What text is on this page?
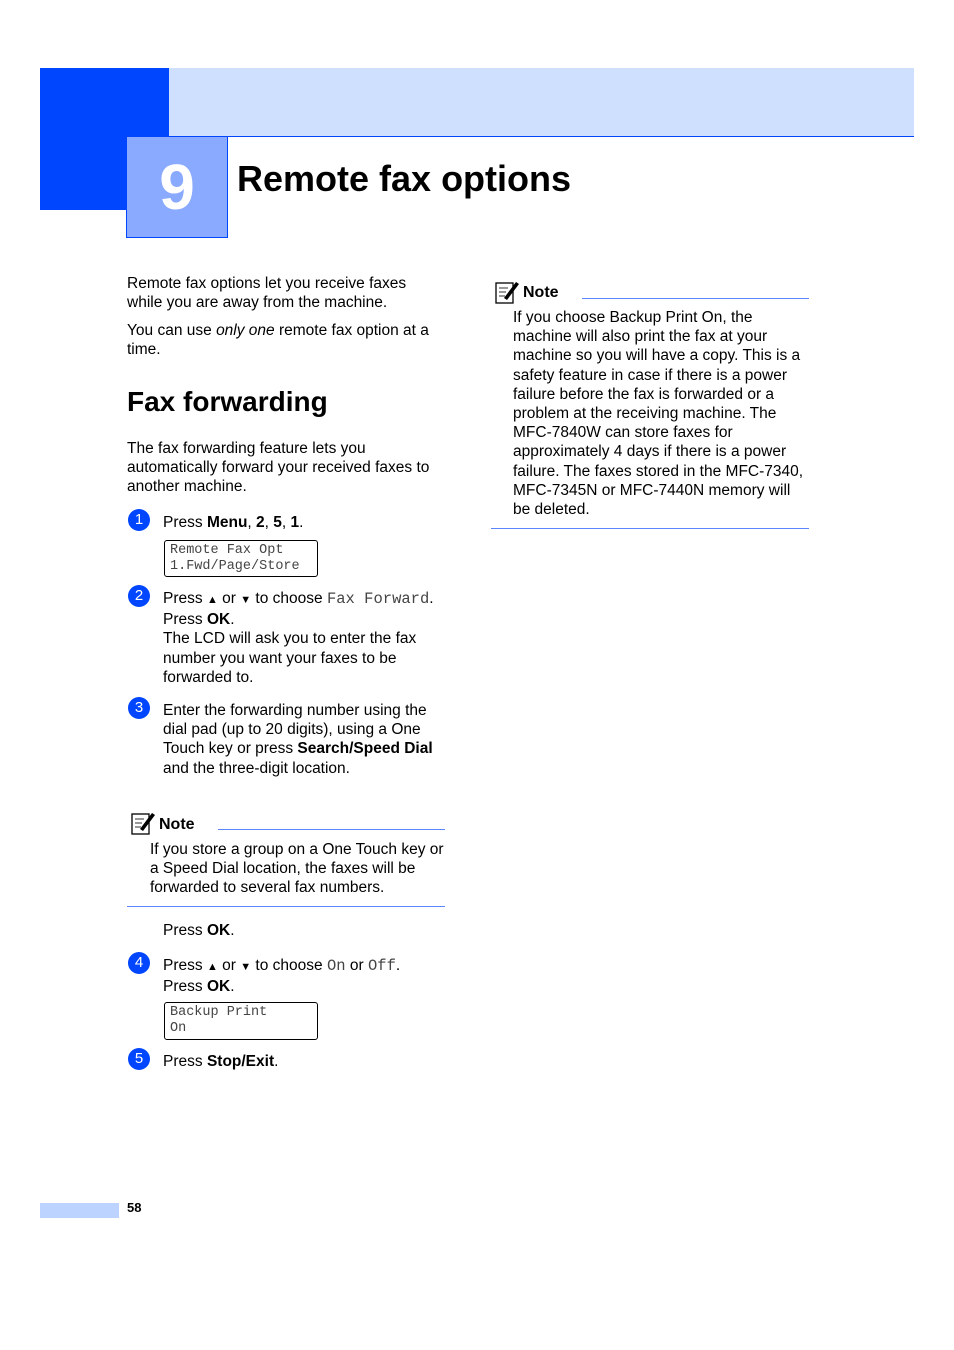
9	Remote fax options
Remote fax options let you receive faxes while you are away from the machine.
You can use only one remote fax option at a time.
Fax forwarding
The fax forwarding feature lets you automatically forward your received faxes to another machine.
1	Press Menu, 2, 5, 1.
Remote Fax Opt
1.Fwd/Page/Store
2	Press ▲ or ▼ to choose Fax Forward.
Press OK.
The LCD will ask you to enter the fax number you want your faxes to be forwarded to.
3	Enter the forwarding number using the dial pad (up to 20 digits), using a One Touch key or press Search/Speed Dial and the three-digit location.
Note
If you store a group on a One Touch key or a Speed Dial location, the faxes will be forwarded to several fax numbers.
Press OK.
4	Press ▲ or ▼ to choose On or Off.
Press OK.
Backup Print
On
5	Press Stop/Exit.
Note
If you choose Backup Print On, the machine will also print the fax at your machine so you will have a copy. This is a safety feature in case if there is a power failure before the fax is forwarded or a problem at the receiving machine. The MFC-7840W can store faxes for approximately 4 days if there is a power failure. The faxes stored in the MFC-7340, MFC-7345N or MFC-7440N memory will be deleted.
58
